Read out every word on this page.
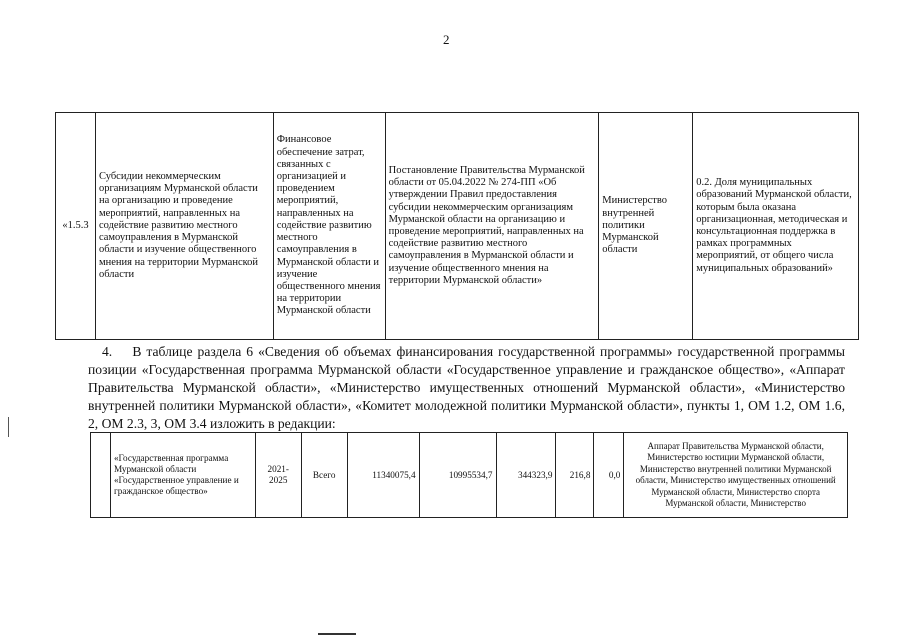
2
«1.5.3	Субсидии некоммерческим организациям Мурманской области на организацию и проведение мероприятий, направленных на содействие развитию местного самоуправления в Мурманской области и изучение общественного мнения на территории Мурманской области	Финансовое обеспечение затрат, связанных с организацией и проведением мероприятий, направленных на содействие развитию местного самоуправления в Мурманской области и изучение общественного мнения на территории Мурманской области	Постановление Правительства Мурманской области от 05.04.2022 № 274-ПП «Об утверждении Правил предоставления субсидии некоммерческим организациям Мурманской области на организацию и проведение мероприятий, направленных на содействие развитию местного самоуправления в Мурманской области и изучение общественного мнения на территории Мурманской области»	Министерство внутренней политики Мурманской области	0.2. Доля муниципальных образований Мурманской области, которым была оказана организационная, методическая и консультационная поддержка в рамках программных мероприятий, от общего числа муниципальных образований»
4. В таблице раздела 6 «Сведения об объемах финансирования государственной программы» государственной программы позиции «Государственная программа Мурманской области «Государственное управление и гражданское общество», «Аппарат Правительства Мурманской области», «Министерство имущественных отношений Мурманской области», «Министерство внутренней политики Мурманской области», «Комитет молодежной политики Мурманской области», пункты 1, ОМ 1.2, ОМ 1.6, 2, ОМ 2.3, 3, ОМ 3.4 изложить в редакции:
	«Государственная программа Мурманской области «Государственное управление и гражданское общество»	2021-2025	Всего	11340075,4	10995534,7	344323,9	216,8	0,0	Аппарат Правительства Мурманской области, Министерство юстиции Мурманской области, Министерство внутренней политики Мурманской области, Министерство имущественных отношений Мурманской области, Министерство спорта Мурманской области, Министерство
